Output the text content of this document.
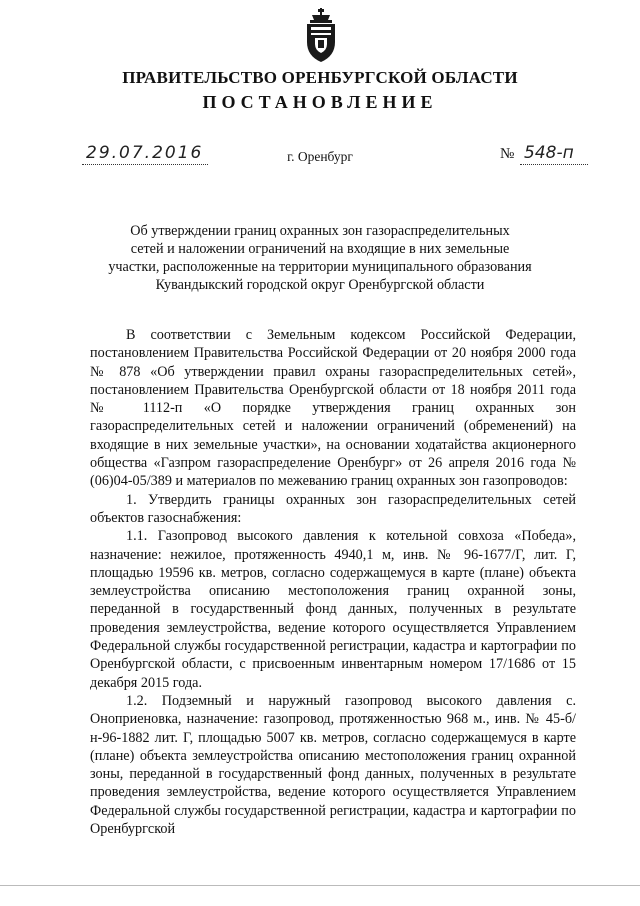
ПРАВИТЕЛЬСТВО ОРЕНБУРГСКОЙ ОБЛАСТИ
ПОСТАНОВЛЕНИЕ
29.07.2016	г. Оренбург	№ 548-п
Об утверждении границ охранных зон газораспределительных
сетей и наложении ограничений на входящие в них земельные
участки, расположенные на территории муниципального образования
Кувандыкский городской округ Оренбургской области

В соответствии с Земельным кодексом Российской Федерации, постановлением Правительства Российской Федерации от 20 ноября 2000 года № 878 «Об утверждении правил охраны газораспределительных сетей», постановлением Правительства Оренбургской области от 18 ноября 2011 года № 1112-п «О порядке утверждения границ охранных зон газораспределительных сетей и наложении ограничений (обременений) на входящие в них земельные участки», на основании ходатайства акционерного общества «Газпром газораспределение Оренбург» от 26 апреля 2016 года № (06)04-05/389 и материалов по межеванию границ охранных зон газопроводов:

1. Утвердить границы охранных зон газораспределительных сетей объектов газоснабжения:

1.1. Газопровод высокого давления к котельной совхоза «Победа», назначение: нежилое, протяженность 4940,1 м, инв. № 96-1677/Г, лит. Г, площадью 19596 кв. метров, согласно содержащемуся в карте (плане) объекта землеустройства описанию местоположения границ охранной зоны, переданной в государственный фонд данных, полученных в результате проведения землеустройства, ведение которого осуществляется Управлением Федеральной службы государственной регистрации, кадастра и картографии по Оренбургской области, с присвоенным инвентарным номером 17/1686 от 15 декабря 2015 года.

1.2. Подземный и наружный газопровод высокого давления с. Оноприеновка, назначение: газопровод, протяженностью 968 м., инв. № 45-б/н-96-1882 лит. Г, площадью 5007 кв. метров, согласно содержащемуся в карте (плане) объекта землеустройства описанию местоположения границ охранной зоны, переданной в государственный фонд данных, полученных в результате проведения землеустройства, ведение которого осуществляется Управлением Федеральной службы государственной регистрации, кадастра и картографии по Оренбургской
